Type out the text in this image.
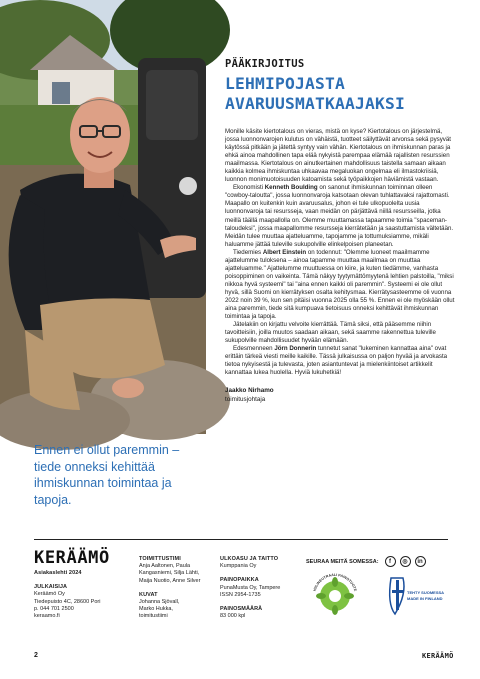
Ennen ei ollut paremmin – tiede onneksi kehittää ihmiskunnan toimintaa ja tapoja.
PÄÄKIRJOITUS
LEHMIPOJASTA AVARUUSMATKAAJAKSI

Monille käsite kiertotalous on vieras, mistä on kyse? Kiertotalous on järjestelmä, jossa luonnonvarojen kulutus on vähäistä, tuotteet säilyttävät arvonsa sekä pysyvät käytössä pitkään ja jätettä syntyy vain vähän. Kiertotalous on ihmiskunnan paras ja ehkä ainoa mahdollinen tapa elää nykyistä parempaa elämää rajallisten resurssien maailmassa. Kiertotalous on ainutkertainen mahdollisuus taistella samaan aikaan kaikkia kolmea ihmiskuntaa uhkaavaa megaluokan ongelmaa eli ilmastokriisiä, luonnon monimuotoisuuden katoamista sekä työpaikkojen häviämistä vastaan.

Ekonomisti Kenneth Boulding on sanonut ihmiskunnan toiminnan olleen "cowboy-taloutta", jossa luonnonvaroja katsotaan olevan tuhlattavaksi rajattomasti. Maapallo on kuitenkin kuin avaruusalus, johon ei tule ulkopuolelta uusia luonnonvaroja tai resursseja, vaan meidän on pärjättävä niillä resursseilla, jotka meillä täällä maapallolla on. Olemme muuttamassa tapaamme toimia "spaceman-taloudeksi", jossa maapallomme resursseja kierrätetään ja saastuttamista vältetään. Meidän tulee muuttaa ajatteluamme, tapojamme ja tottumuksiamme, mikäli haluamme jättää tuleville sukupolville elinkelpoisen planeetan.

Tiedemies Albert Einstein on todennut: "Olemme luoneet maailmamme ajattelumme tuloksena – ainoa tapamme muuttaa maailmaa on muuttaa ajatteluamme." Ajattelumme muuttuessa on kiire, ja kuten tiedämme, vanhasta poisoppiminen on vaikeinta. Tämä näkyy tyytymättömyytenä lehtien palstoilla, "miksi nikkoa hyvä systeemi" tai "aina ennen kaikki oli paremmin". Systeemi ei ole ollut hyvä, sillä Suomi on kierrätyksen osalta kehitysmaa. Kierrätysasteemme oli vuonna 2022 noin 39 %, kun sen pitäisi vuonna 2025 olla 55 %. Ennen ei ole myöskään ollut aina paremmin, tiede sitä kumpuava tietoisuus onneksi kehittävät ihmiskunnan toimintaa ja tapoja.

Jätelakiin on kirjattu velvoite kierrättää. Tämä siksi, että pääsemme niihin tavoitteisiin, joilla muutos saadaan aikaan, sekä saamme rakennettua tuleville sukupolville mahdollisuudet hyvään elämään.

Edesmenneen Jörn Donnerin tunnetut sanat "lukeminen kannattaa aina" ovat erittäin tärkeä viesti meille kaikille. Tässä julkaisussa on paljon hyvää ja arvokasta tietoa nykyisestä ja tulevasta, joten asiantuntevat ja mielenkiintoiset artikkelit kannattaa lukea huolella. Hyviä lukuhetkiä!

Jaakko Nirhamo
toimitusjohtaja
KERÄÄMÖ
Asiakaslehti 2024
JULKAISIJA
Keräämö Oy
Tiedepuisto 4C, 28600 Pori
p. 044 701 2500
keraamo.fi
TOIMITTUSTIMI
Anja Aaltonen, Paula
Kangasniemi, Silja Lähti,
Maija Nuotio, Anne Silver
KUVAT
Johanna Sjövall,
Marko Hukka,
toimitustiimi
ULKOASU JA TAITTO
Kumppania Oy
PAINOPAIKKA
PunaMusta Oy, Tampere
ISSN 2954-1735
PAINOSMÄÄRÄ
83 000 kpl
SEURAA MEITÄ SOMESSA:	f	◎	in
HIILINEUTRAALI PAINOTUOTE
TEHTY SUOMESSA
MADE IN FINLAND
2	KERÄÄMÖ
